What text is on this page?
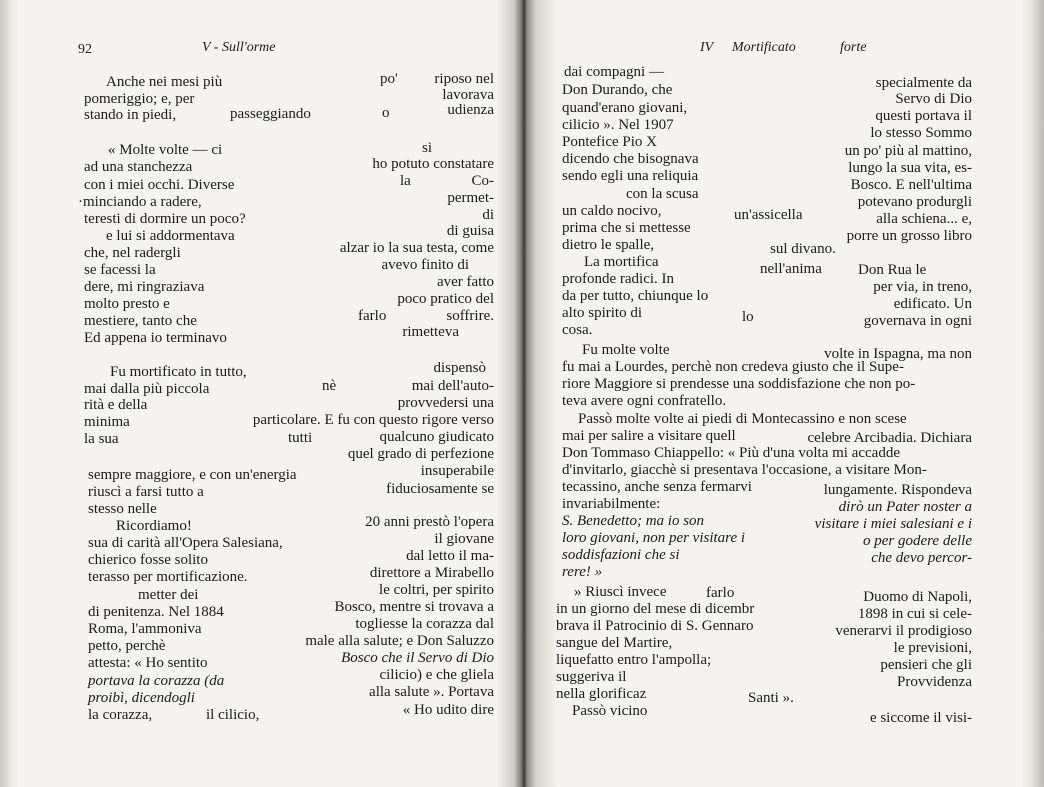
92	V - Sull'orme
Anche nei mesi più	po' riposo nel
pomeriggio; e, per	lavorava
stando in piedi,	passeggiando	o	udienza
« Molte volte — ci	si
ad una stanchezza	ho potuto constatare
con i miei occhi. Diverse	la	Co-
·minciando a radere,	permet-
teresti di dormire un poco?	di
e lui si addormentava	di guisa
che, nel radergli	alzar io la sua testa, come
se facessi la	avevo finito di
dere, mi ringraziava	aver fatto
molto presto e	poco pratico del
mestiere, tanto che	farlo	soffrire.
Ed appena io terminavo	rimetteva
Fu mortificato in tutto,	dispensò
mai dalla più piccola	nè	mai dell'auto-
rità e della	provvedersi una
minima	particolare. E fu con questo rigore verso
la sua	tutti	qualcuno giudicato
quel grado di perfezione
sempre maggiore, e con un'energia	insuperabile
riuscì a farsi tutto a	fiduciosamente se
stesso nelle
Ricordiamo!	20 anni prestò l'opera
sua di carità all'Opera Salesiana,	il giovane
chierico fosse solito	dal letto il ma-
terasso per mortificazione.	direttore a Mirabello
metter dei	le coltri, per spirito
di penitenza. Nel 1884	Bosco, mentre si trovava a
Roma, l'ammoniva	togliesse la corazza dal
petto, perchè	male alla salute; e Don Saluzzo
attesta: « Ho sentito	Bosco che il Servo di Dio
portava la corazza (da	cilicio) e che gliela
proibì, dicendogli	alla salute ». Portava
la corazza,	il cilicio,	« Ho udito dire
IV Mortificato	forte
dai compagni —
specialmente da
Don Durando, che
Servo di Dio
quand'erano giovani,	questi portava il
cilicio ». Nel 1907	lo stesso Sommo
Pontefice Pio X
un po' più al mattino,
dicendo che bisognava
lungo la sua vita, es-
sendo egli una reliquia
Bosco. E nell'ultima
con la scusa	potevano produrgli
un caldo nocivo,	un'assicella	alla schiena... e,
prima che si mettesse	porre un grosso libro
dietro le spalle,	sul divano.
La mortifica	nell'anima Don Rua le
profonde radici. In	per via, in treno,
da per tutto, chiunque lo	edificato. Un
alto spirito di	lo	governava in ogni
cosa.
Fu molte volte	volte in Ispagna, ma non
fu mai a Lourdes, perchè non credeva giusto che il Supe-
riore Maggiore si prendesse una soddisfazione che non po-
teva avere ogni confratello.
Passò molte volte ai piedi di Montecassino e non scese
mai per salire a visitare quell	celebre Arcibadia. Dichiara
Don Tommaso Chiappello: « Più d'una volta mi accadde
d'invitarlo, giacchè si presentava l'occasione, a visitare Mon-
tecassino, anche senza fermarvi	lungamente. Rispondeva
invariabilmente:	dirò un Pater noster a
S. Benedetto; ma io son	visitare i miei salesiani e i
loro giovani, non per visitare i	o per godere delle
soddisfazioni che si	che devo percor-
rere! »
» Riuscì invece	farlo	Duomo di Napoli,
in un giorno del mese di dicembr	1898 in cui si cele-
brava il Patrocinio di S. Gennaro	venerarvi il prodigioso
sangue del Martire,	le previsioni,
liquefatto entro l'ampolla;	pensieri che gli
suggeriva il	Provvidenza
nella glorificaz	Santi ».
Passò vicino	e siccome il visi-
